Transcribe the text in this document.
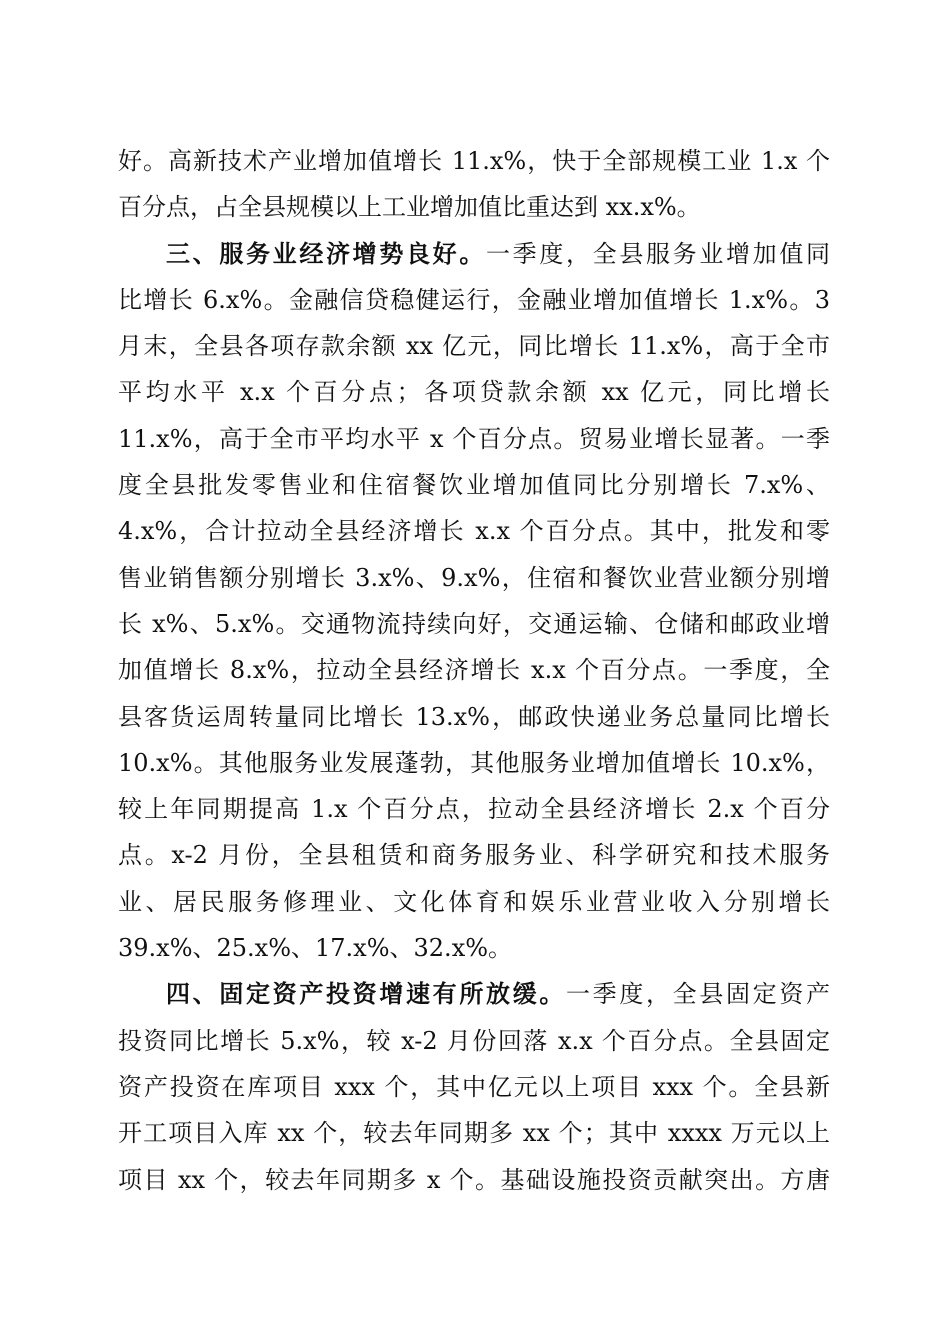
好。高新技术产业增加值增长 11.x%，快于全部规模工业 1.x 个
百分点，占全县规模以上工业增加值比重达到 xx.x%。
三、服务业经济增势良好。一季度，全县服务业增加值同
比增长 6.x%。金融信贷稳健运行，金融业增加值增长 1.x%。3
月末，全县各项存款余额 xx 亿元，同比增长 11.x%，高于全市
平均水平 x.x 个百分点；各项贷款余额 xx 亿元，同比增长
11.x%，高于全市平均水平 x 个百分点。贸易业增长显著。一季
度全县批发零售业和住宿餐饮业增加值同比分别增长 7.x%、
4.x%，合计拉动全县经济增长 x.x 个百分点。其中，批发和零
售业销售额分别增长 3.x%、9.x%，住宿和餐饮业营业额分别增
长 x%、5.x%。交通物流持续向好，交通运输、仓储和邮政业增
加值增长 8.x%，拉动全县经济增长 x.x 个百分点。一季度，全
县客货运周转量同比增长 13.x%，邮政快递业务总量同比增长
10.x%。其他服务业发展蓬勃，其他服务业增加值增长 10.x%，
较上年同期提高 1.x 个百分点，拉动全县经济增长 2.x 个百分
点。x-2 月份，全县租赁和商务服务业、科学研究和技术服务
业、居民服务修理业、文化体育和娱乐业营业收入分别增长
39.x%、25.x%、17.x%、32.x%。
四、固定资产投资增速有所放缓。一季度，全县固定资产
投资同比增长 5.x%，较 x-2 月份回落 x.x 个百分点。全县固定
资产投资在库项目 xxx 个，其中亿元以上项目 xxx 个。全县新
开工项目入库 xx 个，较去年同期多 xx 个；其中 xxxx 万元以上
项目 xx 个，较去年同期多 x 个。基础设施投资贡献突出。方唐
